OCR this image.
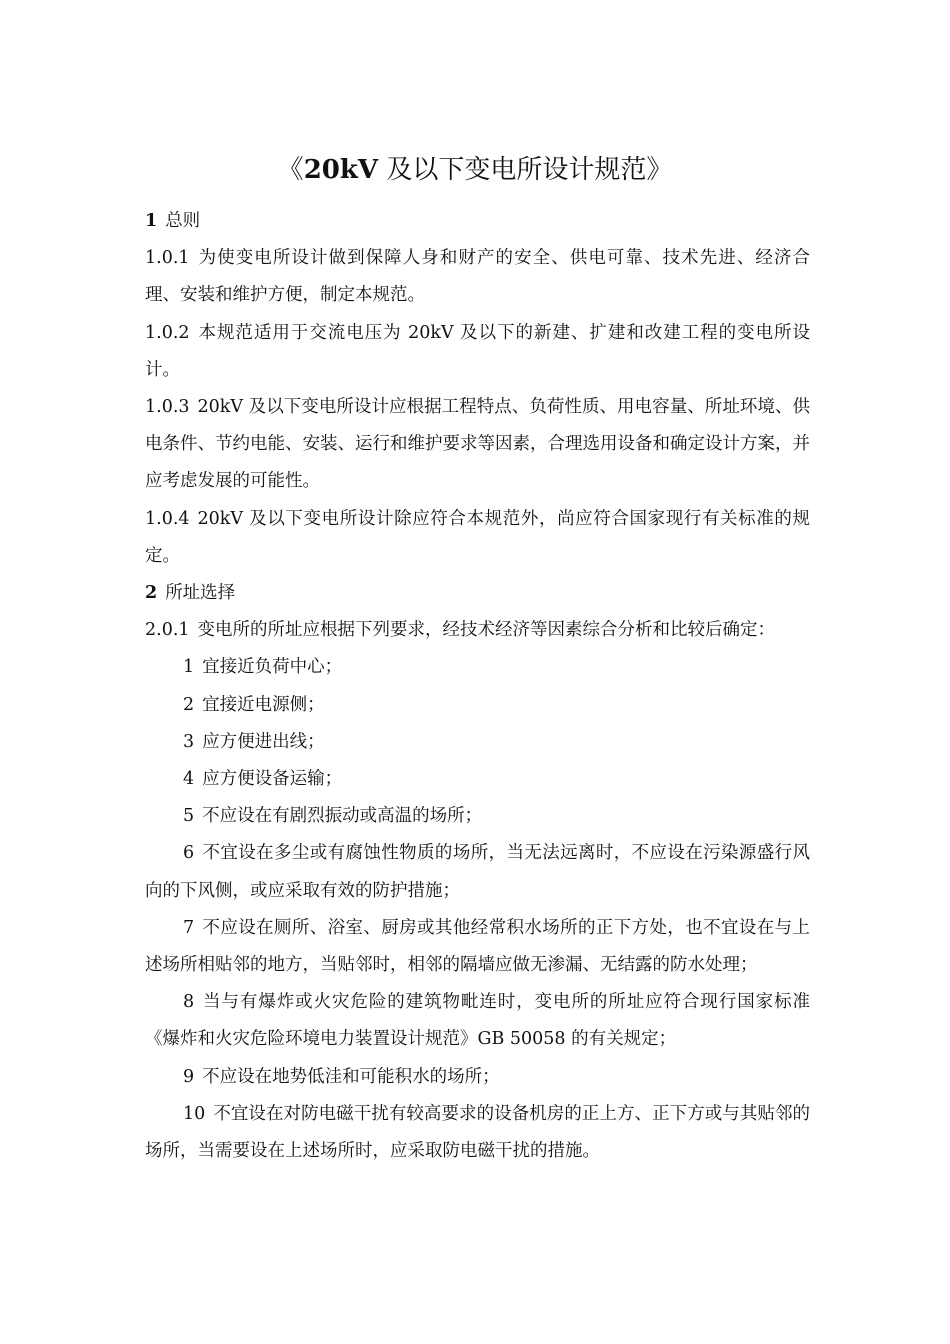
《20kV 及以下变电所设计规范》

1 总则

1.0.1 为使变电所设计做到保障人身和财产的安全、供电可靠、技术先进、经济合理、安装和维护方便，制定本规范。

1.0.2 本规范适用于交流电压为 20kV 及以下的新建、扩建和改建工程的变电所设计。

1.0.3 20kV 及以下变电所设计应根据工程特点、负荷性质、用电容量、所址环境、供电条件、节约电能、安装、运行和维护要求等因素，合理选用设备和确定设计方案，并应考虑发展的可能性。

1.0.4 20kV 及以下变电所设计除应符合本规范外，尚应符合国家现行有关标准的规定。

2 所址选择

2.0.1 变电所的所址应根据下列要求，经技术经济等因素综合分析和比较后确定：

1 宜接近负荷中心；

2 宜接近电源侧；

3 应方便进出线；

4 应方便设备运输；

5 不应设在有剧烈振动或高温的场所；

6 不宜设在多尘或有腐蚀性物质的场所，当无法远离时，不应设在污染源盛行风向的下风侧，或应采取有效的防护措施；

7 不应设在厕所、浴室、厨房或其他经常积水场所的正下方处，也不宜设在与上述场所相贴邻的地方，当贴邻时，相邻的隔墙应做无渗漏、无结露的防水处理；

8 当与有爆炸或火灾危险的建筑物毗连时，变电所的所址应符合现行国家标准《爆炸和火灾危险环境电力装置设计规范》GB 50058 的有关规定；

9 不应设在地势低洼和可能积水的场所；

10 不宜设在对防电磁干扰有较高要求的设备机房的正上方、正下方或与其贴邻的场所，当需要设在上述场所时，应采取防电磁干扰的措施。
